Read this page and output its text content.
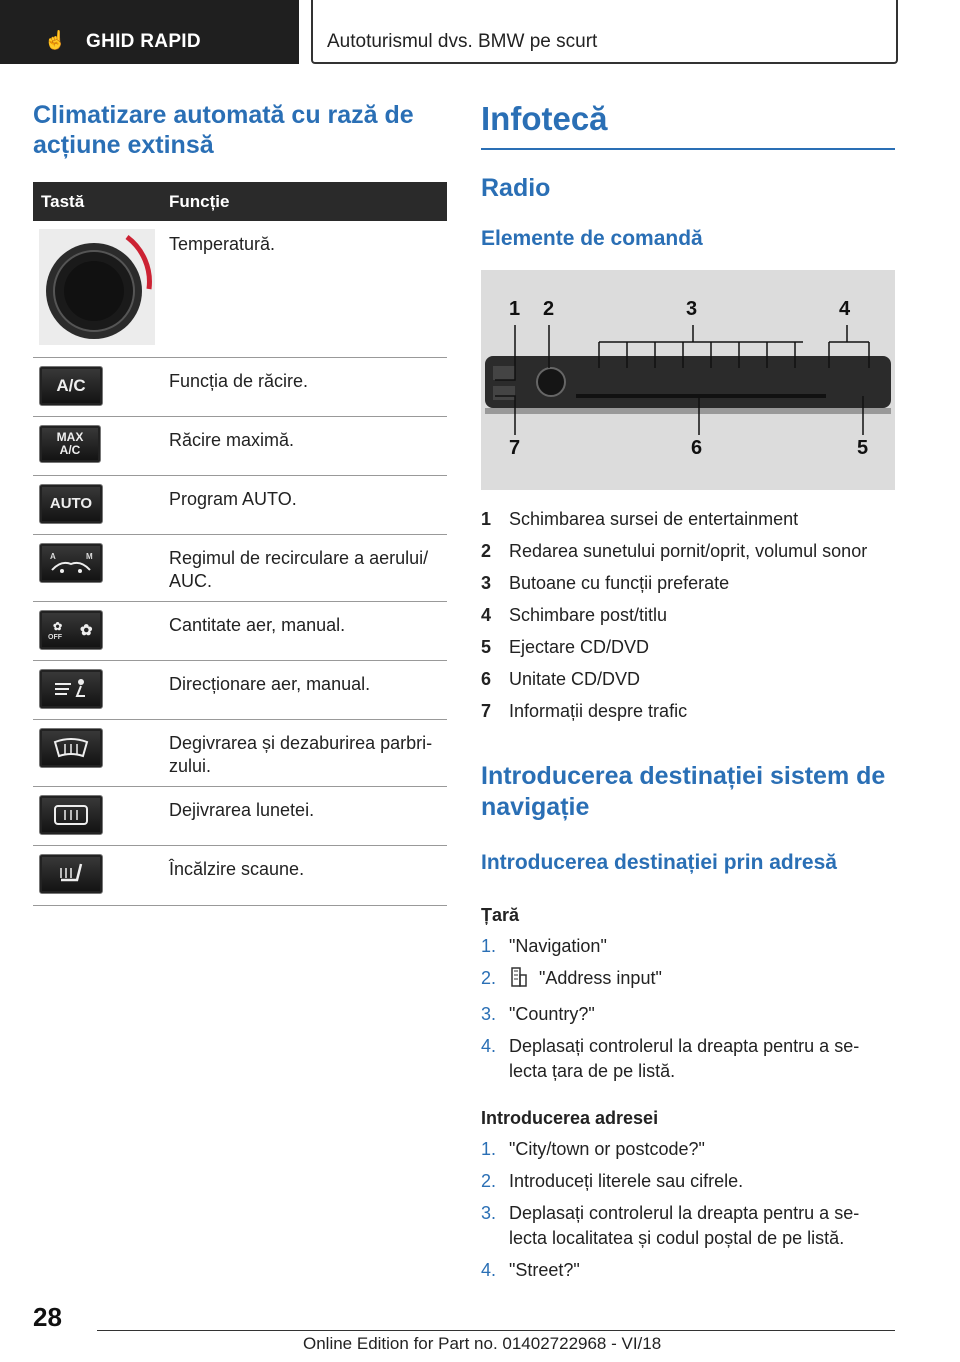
☝ GHID RAPID	Autoturismul dvs. BMW pe scurt
Climatizare automată cu rază de acțiune extinsă
Tastă	Funcție

	Temperatură.

A/C	Funcția de răcire.

MAX A/C	Răcire maximă.

AUTO	Program AUTO.

A M	Regimul de recirculare a aerului/ AUC.

OFF
✿ ✿	Cantitate aer, manual.

	Direcționare aer, manual.

	Degivrarea și dezaburirea parbri- zului.

	Dejivrarea lunetei.

	Încălzire scaune.
Infotecă
Radio
Elemente de comandă
1 2	3	4
7	6	5
1 Schimbarea sursei de entertainment
2 Redarea sunetului pornit/oprit, volumul sonor
3 Butoane cu funcții preferate
4 Schimbare post/titlu
5 Ejectare CD/DVD
6 Unitate CD/DVD
7 Informații despre trafic
Introducerea destinației sistem de navigație
Introducerea destinației prin adresă

Țară

1. "Navigation"
2.	"Address input"
3. "Country?"
4. Deplasați controlerul la dreapta pentru a se- lecta țara de pe listă.

Introducerea adresei

1. "City/town or postcode?"
2. Introduceți literele sau cifrele.
3. Deplasați controlerul la dreapta pentru a se- lecta localitatea și codul poștal de pe listă.
4. "Street?"
28
Online Edition for Part no. 01402722968 - VI/18
